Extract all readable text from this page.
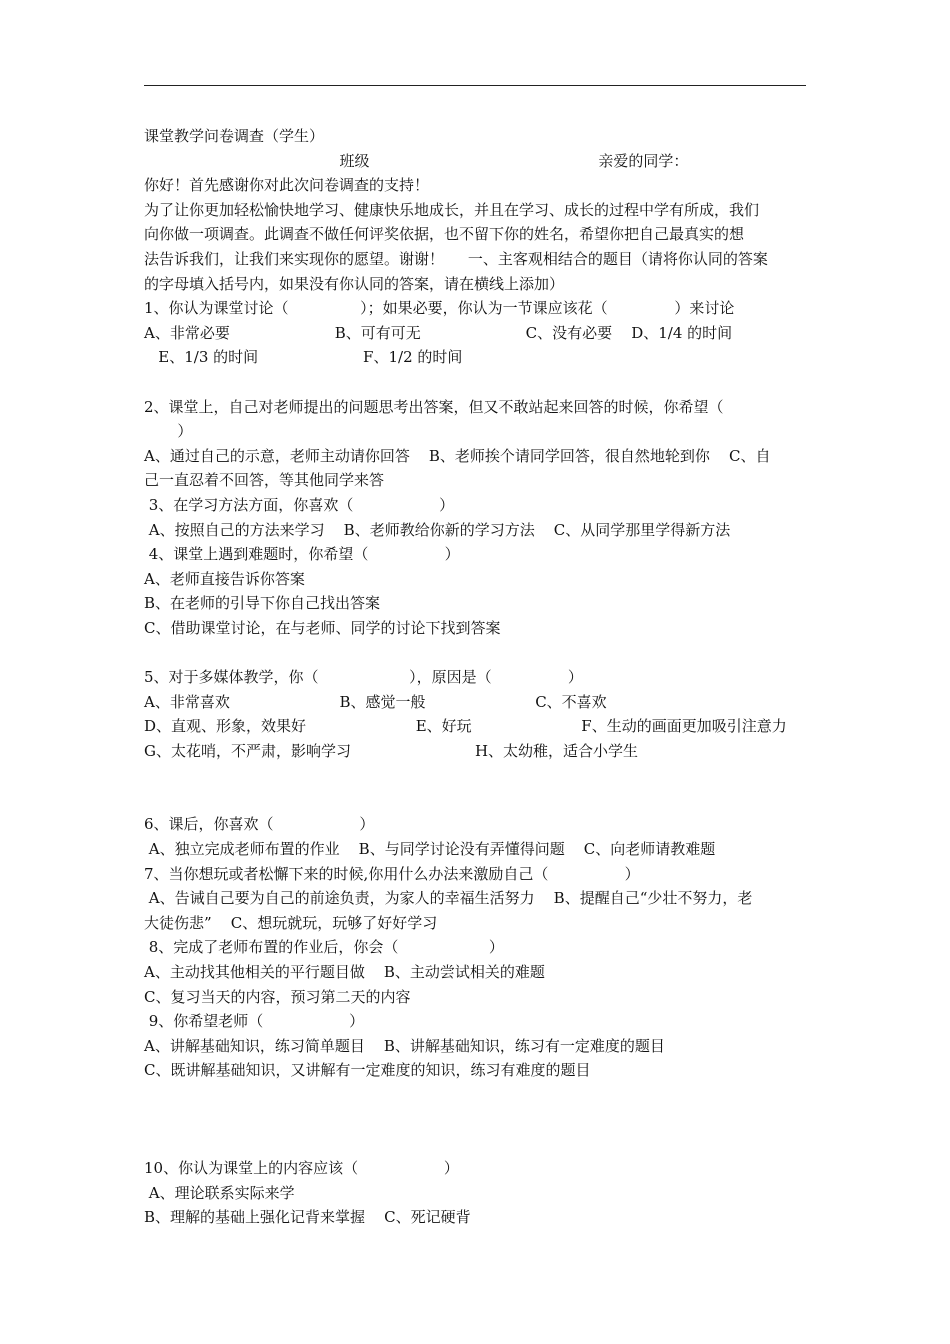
课堂教学问卷调查（学生）

班级                                                亲爱的同学：

你好！首先感谢你对此次问卷调查的支持！

为了让你更加轻松愉快地学习、健康快乐地成长，并且在学习、成长的过程中学有所成，我们

向你做一项调查。此调查不做任何评奖依据，也不留下你的姓名，希望你把自己最真实的想

法告诉我们，让我们来实现你的愿望。谢谢！     一、主客观相结合的题目（请将你认同的答案

的字母填入括号内，如果没有你认同的答案，请在横线上添加）

1、你认为课堂讨论（               ）；如果必要，你认为一节课应该花（              ）来讨论

A、非常必要                      B、可有可无                      C、没有必要    D、1/4 的时间

E、1/3 的时间                      F、1/2 的时间

2、课堂上，自己对老师提出的问题思考出答案，但又不敢站起来回答的时候，你希望（

）

A、通过自己的示意，老师主动请你回答    B、老师挨个请同学回答，很自然地轮到你    C、自

己一直忍着不回答，等其他同学来答

3、在学习方法方面，你喜欢（                  ）

A、按照自己的方法来学习    B、老师教给你新的学习方法    C、从同学那里学得新方法

4、课堂上遇到难题时，你希望（                ）

A、老师直接告诉你答案

B、在老师的引导下你自己找出答案

C、借助课堂讨论，在与老师、同学的讨论下找到答案

5、对于多媒体教学，你（                   ），原因是（                ）

A、非常喜欢                       B、感觉一般                       C、不喜欢

D、直观、形象，效果好                       E、好玩                       F、生动的画面更加吸引注意力

G、太花哨，不严肃，影响学习                          H、太幼稚，适合小学生

6、课后，你喜欢（                  ）

A、独立完成老师布置的作业    B、与同学讨论没有弄懂得问题    C、向老师请教难题

7、当你想玩或者松懈下来的时候,你用什么办法来激励自己（                ）

A、告诫自己要为自己的前途负责，为家人的幸福生活努力    B、提醒自己“少壮不努力，老

大徒伤悲”    C、想玩就玩，玩够了好好学习

8、完成了老师布置的作业后，你会（                   ）

A、主动找其他相关的平行题目做    B、主动尝试相关的难题

C、复习当天的内容，预习第二天的内容

9、你希望老师（                  ）

A、讲解基础知识，练习简单题目    B、讲解基础知识，练习有一定难度的题目

C、既讲解基础知识，又讲解有一定难度的知识，练习有难度的题目

10、你认为课堂上的内容应该（                  ）

A、理论联系实际来学

B、理解的基础上强化记背来掌握    C、死记硬背
